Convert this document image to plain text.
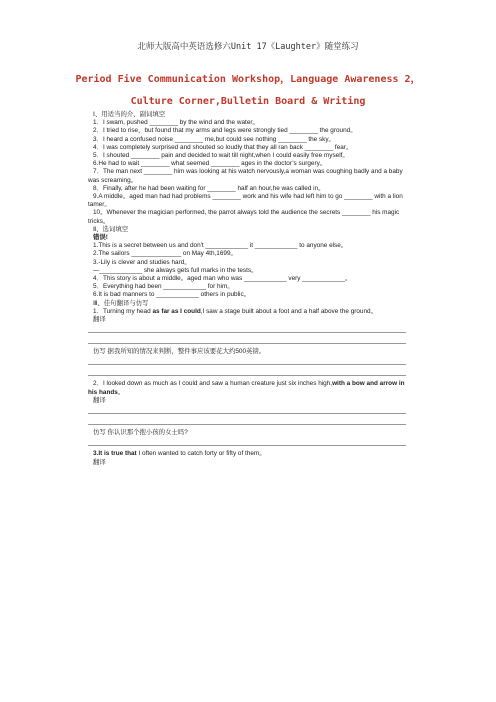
北师大版高中英语选修六Unit 17《Laughter》随堂练习
Period Five Communication Workshop，Language Awareness 2，
Culture Corner,Bulletin Board & Writing

Ⅰ、用适当的介、副词填空

1．I swam, pushed ________ by the wind and the water。

2．I tried to rise，but found that my arms and legs were strongly tied ________ the ground。

3．I heard a confused noise ________ me,but could see nothing ________ the sky。

4．I was completely surprised and shouted so loudly that they all ran back ________ fear。

5．I shouted ________ pain and decided to wait till night,when I could easily free myself。

6.He had to wait ________ what seemed ________ ages in the doctor’s surgery。

7．The man next ________ him was looking at his watch nervously,a woman was coughing badly and a baby was screaming。

8．Finally, after he had been waiting for ________ half an hour,he was called in。

9.A middle。aged man had had problems ________ work and his wife had left him to go ________ with a lion tamer。

10。Whenever the magician performed, the parrot always told the audience the secrets ________ his magic tricks。

Ⅱ、选词填空

错误!

1.This is a secret between us and don't ____________ it ____________ to anyone else。

2.The sailors ______________ on May 4th,1699。

3.-Lily is clever and studies hard。

—____________ she always gets full marks in the tests。

4．This story is about a middle。aged man who was ____________ very ____________。

5．Everything had been ____________ for him。

6.It is bad manners to ____________ others in public。

Ⅲ、佳句翻译与仿写

1．Turning my head as far as I could,I saw a stage built about a foot and a half above the ground。

翻译

仿写 据我所知的情况来判断，整件事应该要花大约500英镑。

2．I looked down as much as I could and saw a human creature just six inches high,with a bow and arrow in his hands。

翻译

仿写 你认识那个抱小孩的女士吗?

3.It is true that I often wanted to catch forty or fifty of them。

翻译
